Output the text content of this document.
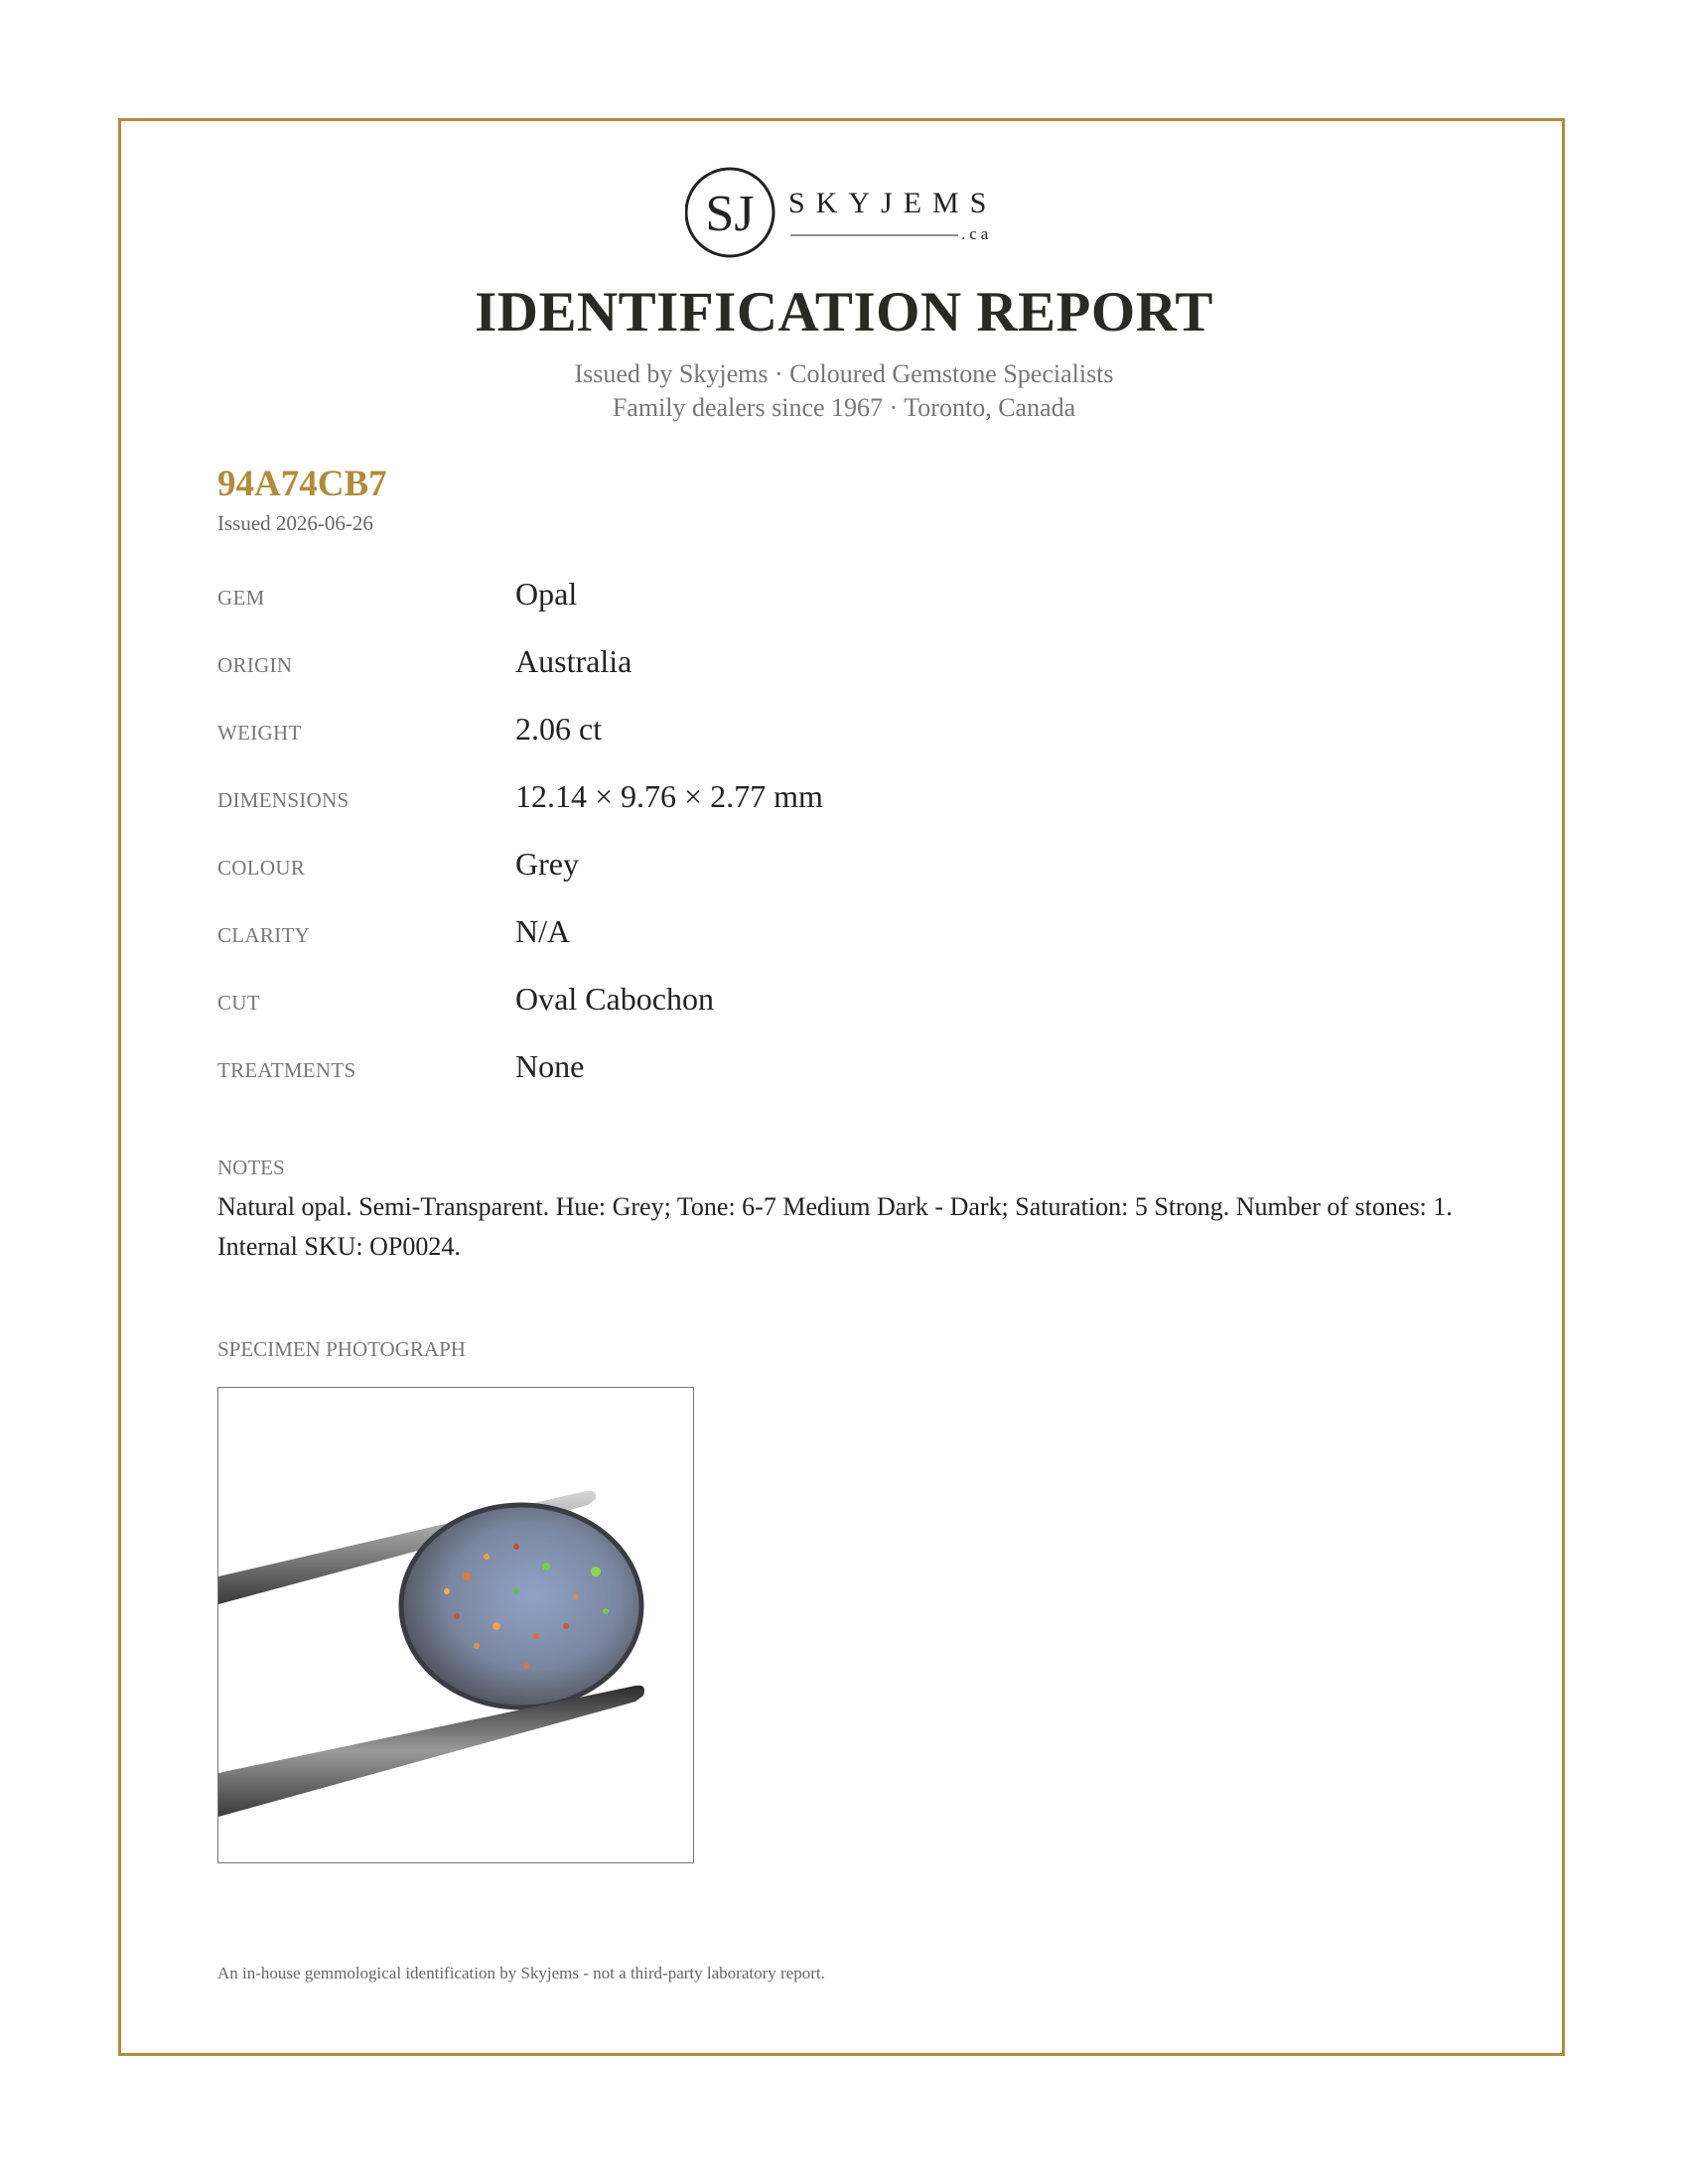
SJ SKYJEMS
.ca
IDENTIFICATION REPORT
Issued by Skyjems · Coloured Gemstone Specialists
Family dealers since 1967 · Toronto, Canada
94A74CB7
Issued 2026-06-26
GEM	Opal
ORIGIN	Australia
WEIGHT	2.06 ct
DIMENSIONS	12.14 × 9.76 × 2.77 mm
COLOUR	Grey
CLARITY	N/A
CUT	Oval Cabochon
TREATMENTS	None
NOTES
Natural opal. Semi-Transparent. Hue: Grey; Tone: 6-7 Medium Dark - Dark; Saturation: 5 Strong. Number of stones: 1. Internal SKU: OP0024.
SPECIMEN PHOTOGRAPH
An in-house gemmological identification by Skyjems - not a third-party laboratory report.
